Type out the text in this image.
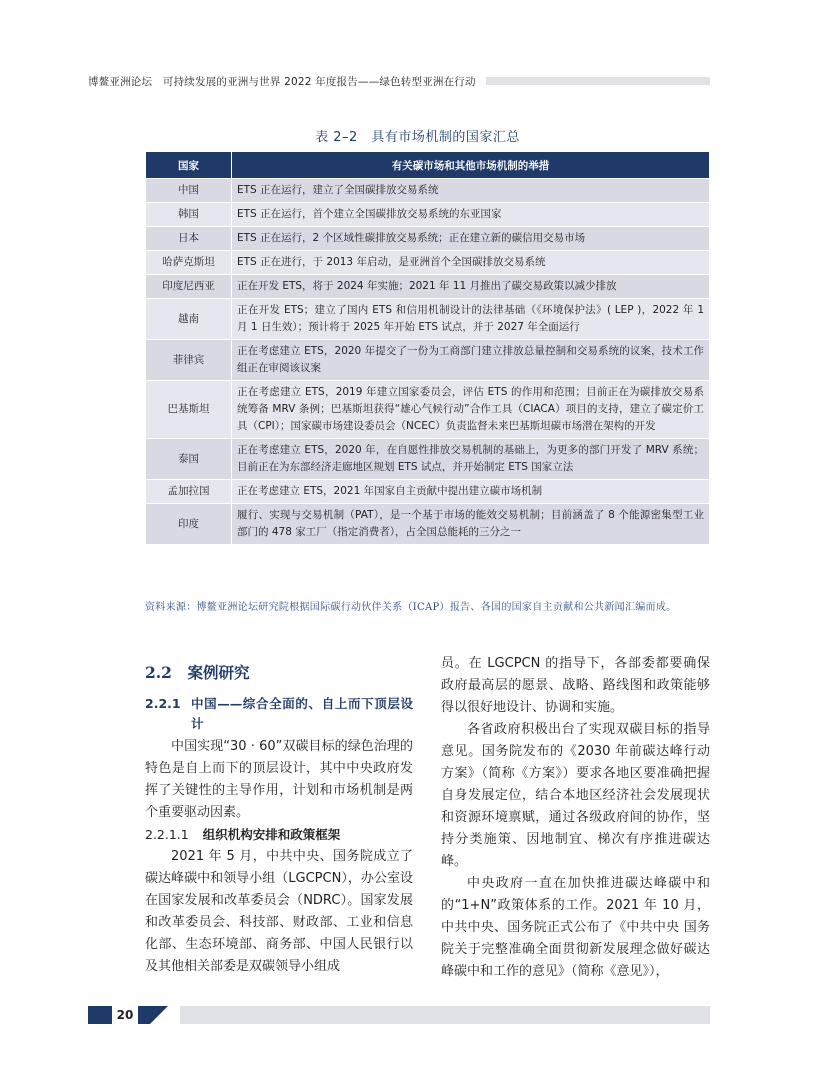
博鳌亚洲论坛　可持续发展的亚洲与世界 2022 年度报告——绿色转型亚洲在行动
表 2–2　具有市场机制的国家汇总
国家	有关碳市场和其他市场机制的举措
中国	ETS 正在运行，建立了全国碳排放交易系统
韩国	ETS 正在运行，首个建立全国碳排放交易系统的东亚国家
日本	ETS 正在运行，2 个区域性碳排放交易系统；正在建立新的碳信用交易市场
哈萨克斯坦	ETS 正在进行，于 2013 年启动，是亚洲首个全国碳排放交易系统
印度尼西亚	正在开发 ETS，将于 2024 年实施；2021 年 11 月推出了碳交易政策以减少排放
越南	正在开发 ETS；建立了国内 ETS 和信用机制设计的法律基础（《环境保护法》( LEP )，2022 年 1 月 1 日生效）；预计将于 2025 年开始 ETS 试点，并于 2027 年全面运行
菲律宾	正在考虑建立 ETS，2020 年提交了一份为工商部门建立排放总量控制和交易系统的议案，技术工作组正在审阅该议案
巴基斯坦	正在考虑建立 ETS，2019 年建立国家委员会，评估 ETS 的作用和范围；目前正在为碳排放交易系统筹备 MRV 条例；巴基斯坦获得“雄心气候行动”合作工具（CIACA）项目的支持，建立了碳定价工具（CPI）；国家碳市场建设委员会（NCEC）负责监督未来巴基斯坦碳市场潜在架构的开发
泰国	正在考虑建立 ETS，2020 年，在自愿性排放交易机制的基础上，为更多的部门开发了 MRV 系统；目前正在为东部经济走廊地区规划 ETS 试点，并开始制定 ETS 国家立法
孟加拉国	正在考虑建立 ETS，2021 年国家自主贡献中提出建立碳市场机制
印度	履行、实现与交易机制（PAT），是一个基于市场的能效交易机制；目前涵盖了 8 个能源密集型工业部门的 478 家工厂（指定消费者），占全国总能耗的三分之一
资料来源：博鳌亚洲论坛研究院根据国际碳行动伙伴关系（ICAP）报告、各国的国家自主贡献和公共新闻汇编而成。
2.2　案例研究
2.2.1 中国——综合全面的、自上而下顶层设计

中国实现“30 · 60”双碳目标的绿色治理的特色是自上而下的顶层设计，其中中央政府发挥了关键性的主导作用，计划和市场机制是两个重要驱动因素。

2.2.1.1 组织机构安排和政策框架

2021 年 5 月，中共中央、国务院成立了碳达峰碳中和领导小组（LGCPCN），办公室设在国家发展和改革委员会（NDRC）。国家发展和改革委员会、科技部、财政部、工业和信息化部、生态环境部、商务部、中国人民银行以及其他相关部委是双碳领导小组成

员。在 LGCPCN 的指导下，各部委都要确保政府最高层的愿景、战略、路线图和政策能够得以很好地设计、协调和实施。

各省政府积极出台了实现双碳目标的指导意见。国务院发布的《2030 年前碳达峰行动方案》（简称《方案》）要求各地区要准确把握自身发展定位，结合本地区经济社会发展现状和资源环境禀赋，通过各级政府间的协作，坚持分类施策、因地制宜、梯次有序推进碳达峰。

中央政府一直在加快推进碳达峰碳中和的“1+N”政策体系的工作。2021 年 10 月，中共中央、国务院正式公布了《中共中央 国务院关于完整准确全面贯彻新发展理念做好碳达峰碳中和工作的意见》（简称《意见》），

20
